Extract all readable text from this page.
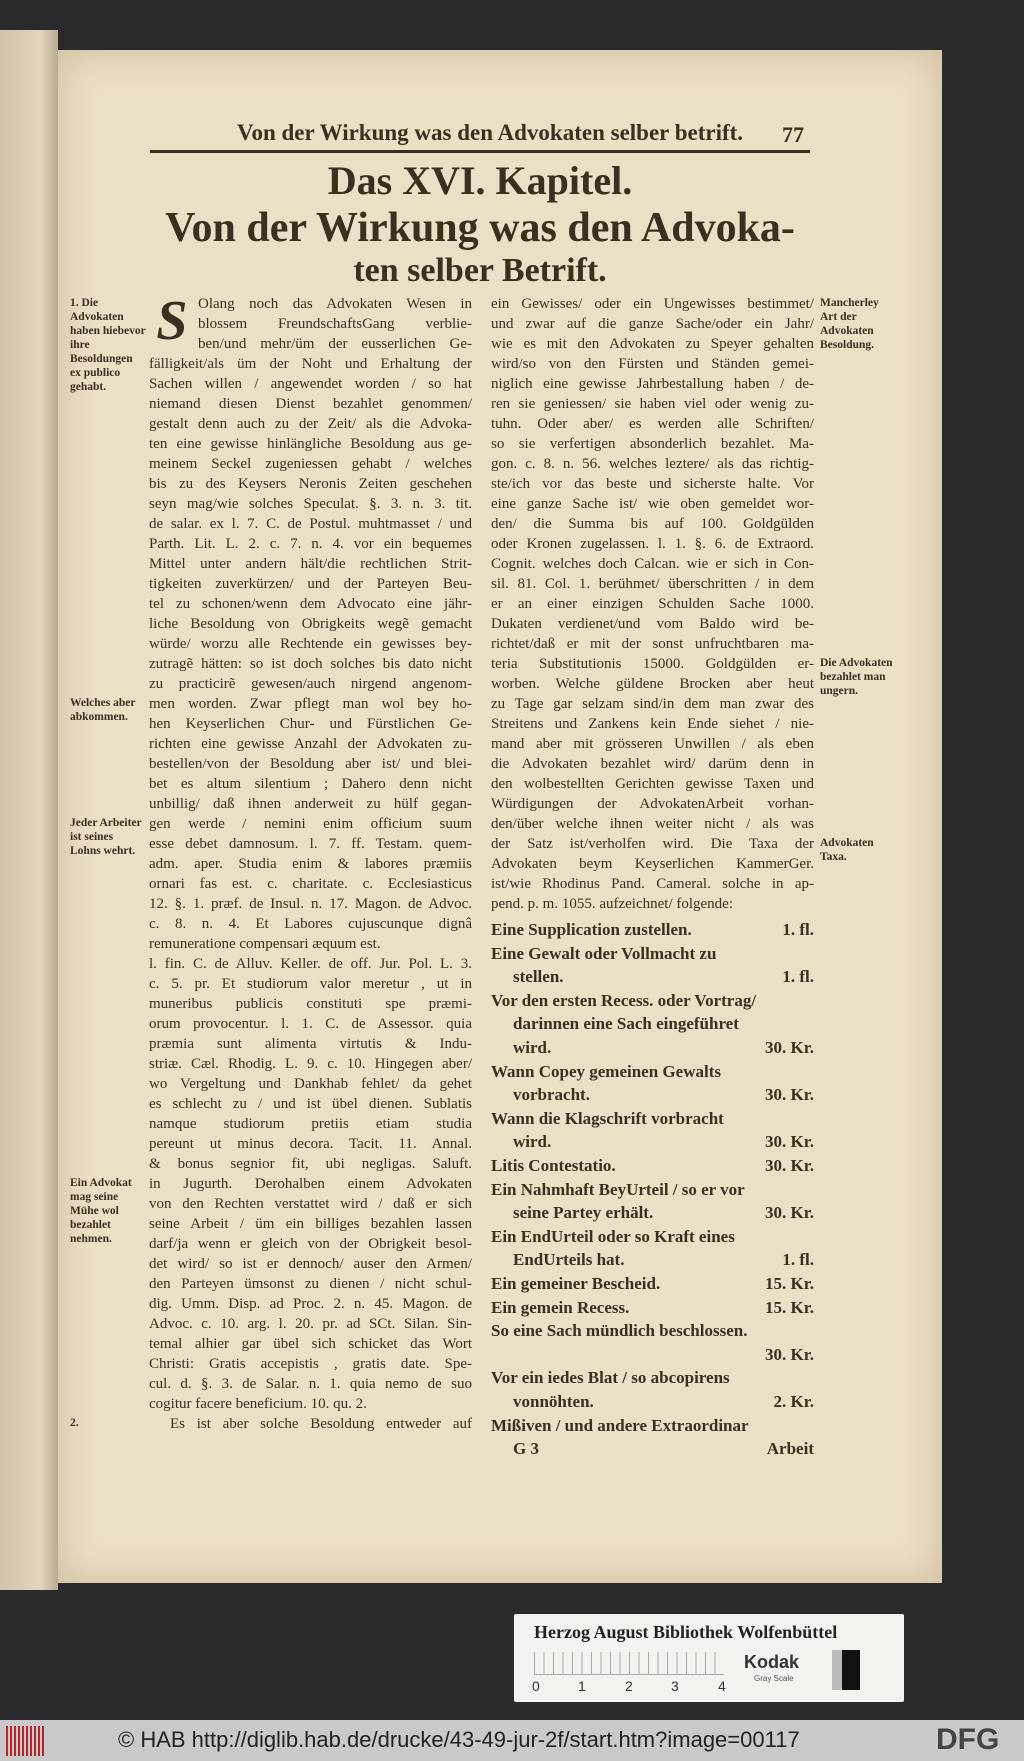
Von der Wirkung was den Advokaten selber betrift.	77
Das XVI. Kapitel.
Von der Wirkung was den Advoka-
ten selber Betrift.
S Olang noch das Advokaten Wesen in
blossem FreundschaftsGang verblie-
ben/und mehr/üm der eusserlichen Ge-
fälligkeit/als üm der Noht und Erhaltung der
Sachen willen / angewendet worden / so hat
niemand diesen Dienst bezahlet genommen/
gestalt denn auch zu der Zeit/ als die Advoka-
ten eine gewisse hinlängliche Besoldung aus ge-
meinem Seckel zugeniessen gehabt / welches
bis zu des Keysers Neronis Zeiten geschehen
seyn mag/wie solches Speculat. §. 3. n. 3. tit.
de salar. ex l. 7. C. de Postul. muhtmasset / und
Parth. Lit. L. 2. c. 7. n. 4. vor ein bequemes
Mittel unter andern hält/die rechtlichen Strit-
tigkeiten zuverkürzen/ und der Parteyen Beu-
tel zu schonen/wenn dem Advocato eine jähr-
liche Besoldung von Obrigkeits wegẽ gemacht
würde/ worzu alle Rechtende ein gewisses bey-
zutragẽ hätten: so ist doch solches bis dato nicht
zu practicirẽ gewesen/auch nirgend angenom-
men worden. Zwar pflegt man wol bey ho-
hen Keyserlichen Chur- und Fürstlichen Ge-
richten eine gewisse Anzahl der Advokaten zu-
bestellen/von der Besoldung aber ist/ und blei-
bet es altum silentium ; Dahero denn nicht
unbillig/ daß ihnen anderweit zu hülf gegan-
gen werde / nemini enim officium suum
esse debet damnosum. l. 7. ff. Testam. quem-
adm. aper. Studia enim & labores præmiis
ornari fas est. c. charitate. c. Ecclesiasticus
12. §. 1. præf. de Insul. n. 17. Magon. de Advoc.
c. 8. n. 4. Et Labores cujuscunque dignâ
remuneratione compensari æquum est.
l. fin. C. de Alluv. Keller. de off. Jur. Pol. L. 3.
c. 5. pr. Et studiorum valor meretur , ut in
muneribus publicis constituti spe præmi-
orum provocentur. l. 1. C. de Assessor. quia
præmia sunt alimenta virtutis & Indu-
striæ. Cæl. Rhodig. L. 9. c. 10. Hingegen aber/
wo Vergeltung und Dankhab fehlet/ da gehet
es schlecht zu / und ist übel dienen. Sublatis
namque studiorum pretiis etiam studia
pereunt ut minus decora. Tacit. 11. Annal.
& bonus segnior fit, ubi negligas. Saluft.
in Jugurth. Derohalben einem Advokaten
von den Rechten verstattet wird / daß er sich
seine Arbeit / üm ein billiges bezahlen lassen
darf/ja wenn er gleich von der Obrigkeit besol-
det wird/ so ist er dennoch/ auser den Armen/
den Parteyen ümsonst zu dienen / nicht schul-
dig. Umm. Disp. ad Proc. 2. n. 45. Magon. de
Advoc. c. 10. arg. l. 20. pr. ad SCt. Silan. Sin-
temal alhier gar übel sich schicket das Wort
Christi: Gratis accepistis , gratis date. Spe-
cul. d. §. 3. de Salar. n. 1. quia nemo de suo
cogitur facere beneficium. 10. qu. 2.
Es ist aber solche Besoldung entweder auf
ein Gewisses/ oder ein Ungewisses bestimmet/
und zwar auf die ganze Sache/oder ein Jahr/
wie es mit den Advokaten zu Speyer gehalten
wird/so von den Fürsten und Ständen gemei-
niglich eine gewisse Jahrbestallung haben / de-
ren sie geniessen/ sie haben viel oder wenig zu-
tuhn. Oder aber/ es werden alle Schriften/
so sie verfertigen absonderlich bezahlet. Ma-
gon. c. 8. n. 56. welches leztere/ als das richtig-
ste/ich vor das beste und sicherste halte. Vor
eine ganze Sache ist/ wie oben gemeldet wor-
den/ die Summa bis auf 100. Goldgülden
oder Kronen zugelassen. l. 1. §. 6. de Extraord.
Cognit. welches doch Calcan. wie er sich in Con-
sil. 81. Col. 1. berühmet/ überschritten / in dem
er an einer einzigen Schulden Sache 1000.
Dukaten verdienet/und vom Baldo wird be-
richtet/daß er mit der sonst unfruchtbaren ma-
teria Substitutionis 15000. Goldgülden er-
worben. Welche güldene Brocken aber heut
zu Tage gar selzam sind/in dem man zwar des
Streitens und Zankens kein Ende siehet / nie-
mand aber mit grösseren Unwillen / als eben
die Advokaten bezahlet wird/ darüm denn in
den wolbestellten Gerichten gewisse Taxen und
Würdigungen der AdvokatenArbeit vorhan-
den/über welche ihnen weiter nicht / als was
der Satz ist/verholfen wird. Die Taxa der
Advokaten beym Keyserlichen KammerGer.
ist/wie Rhodinus Pand. Cameral. solche in ap-
pend. p. m. 1055. aufzeichnet/ folgende:
Eine Supplication zustellen.	1. fl.
Eine Gewalt oder Vollmacht zu
stellen.	1. fl.
Vor den ersten Recess. oder Vortrag/
darinnen eine Sach eingeführet
wird.	30. Kr.
Wann Copey gemeinen Gewalts
vorbracht.	30. Kr.
Wann die Klagschrift vorbracht
wird.	30. Kr.
Litis Contestatio.	30. Kr.
Ein Nahmhaft BeyUrteil / so er vor
seine Partey erhält.	30. Kr.
Ein EndUrteil oder so Kraft eines
EndUrteils hat.	1. fl.
Ein gemeiner Bescheid.	15. Kr.
Ein gemein Recess.	15. Kr.
So eine Sach mündlich beschlossen.
30. Kr.
Vor ein iedes Blat / so abcopirens
vonnöhten.	2. Kr.
Mißiven / und andere Extraordinar
G 3	Arbeit
1. Die Advokaten haben hiebevor ihre Besoldungen ex publico gehabt.
Welches aber abkommen.
Jeder Arbeiter ist seines Lohns wehrt.
Ein Advokat mag seine Mühe wol bezahlet nehmen.
2.
Mancherley Art der Advokaten Besoldung.
Die Advokaten bezahlet man ungern.
Advokaten Taxa.
Herzog August Bibliothek Wolfenbüttel
0	1	2	3	4
Kodak
Gray Scale
© HAB http://diglib.hab.de/drucke/43-49-jur-2f/start.htm?image=00117	DFG
